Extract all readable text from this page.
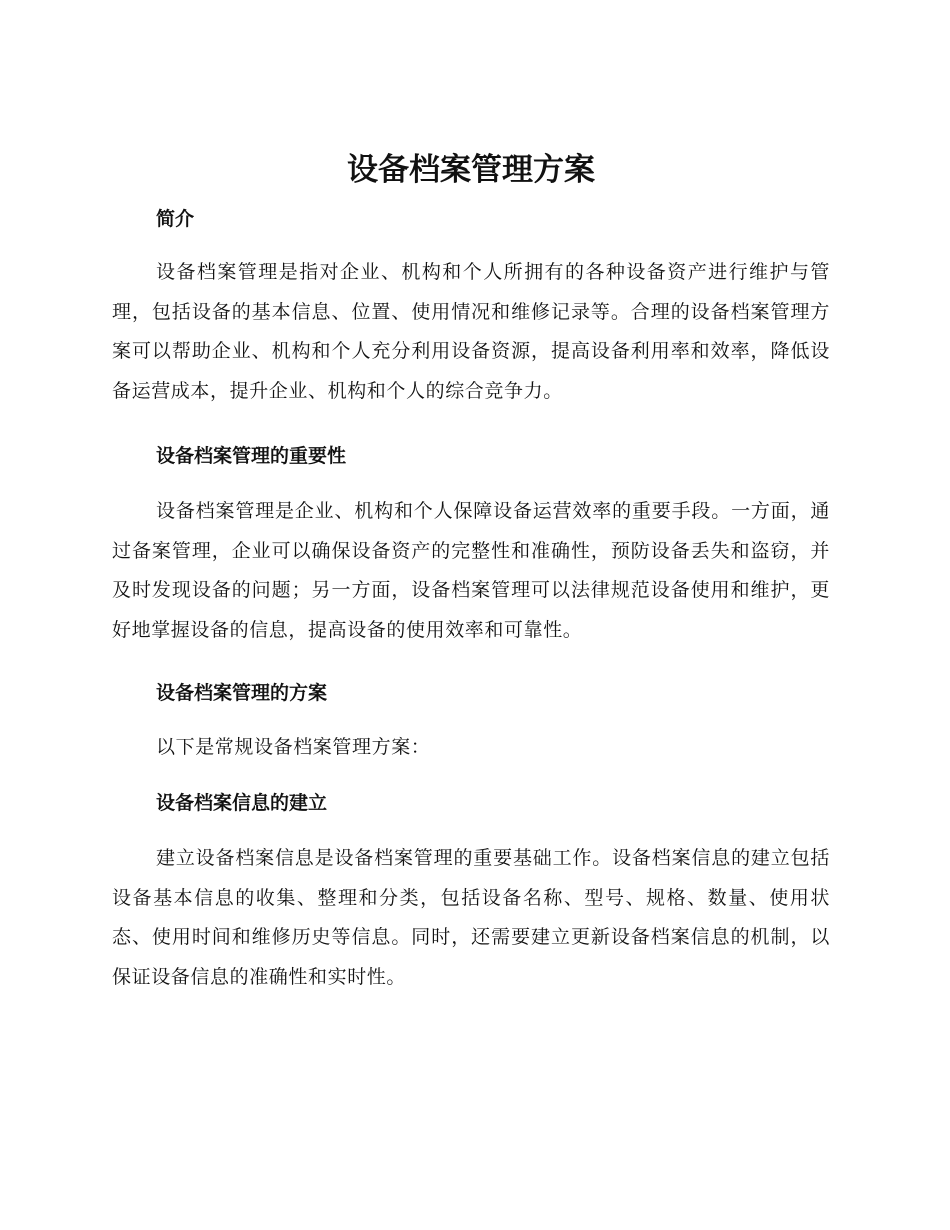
设备档案管理方案
简介

设备档案管理是指对企业、机构和个人所拥有的各种设备资产进行维护与管理，包括设备的基本信息、位置、使用情况和维修记录等。合理的设备档案管理方案可以帮助企业、机构和个人充分利用设备资源，提高设备利用率和效率，降低设备运营成本，提升企业、机构和个人的综合竞争力。

设备档案管理的重要性

设备档案管理是企业、机构和个人保障设备运营效率的重要手段。一方面，通过备案管理，企业可以确保设备资产的完整性和准确性，预防设备丢失和盗窃，并及时发现设备的问题；另一方面，设备档案管理可以法律规范设备使用和维护，更好地掌握设备的信息，提高设备的使用效率和可靠性。

设备档案管理的方案

以下是常规设备档案管理方案：

设备档案信息的建立

建立设备档案信息是设备档案管理的重要基础工作。设备档案信息的建立包括设备基本信息的收集、整理和分类，包括设备名称、型号、规格、数量、使用状态、使用时间和维修历史等信息。同时，还需要建立更新设备档案信息的机制，以保证设备信息的准确性和实时性。
